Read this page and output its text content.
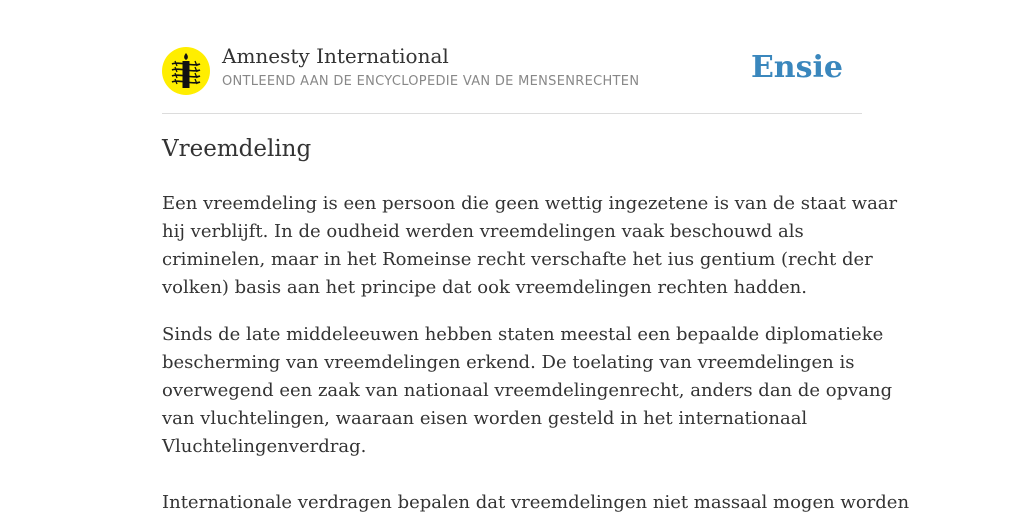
Amnesty International
ONTLEEND AAN DE ENCYCLOPEDIE VAN DE MENSENRECHTEN	Ensie
Vreemdeling

Een vreemdeling is een persoon die geen wettig ingezetene is van de staat waar
hij verblijft. In de oudheid werden vreemdelingen vaak beschouwd als
criminelen, maar in het Romeinse recht verschafte het ius gentium (recht der
volken) basis aan het principe dat ook vreemdelingen rechten hadden.

Sinds de late middeleeuwen hebben staten meestal een bepaalde diplomatieke
bescherming van vreemdelingen erkend. De toelating van vreemdelingen is
overwegend een zaak van nationaal vreemdelingenrecht, anders dan de opvang
van vluchtelingen, waaraan eisen worden gesteld in het internationaal
Vluchtelingenverdrag.

Internationale verdragen bepalen dat vreemdelingen niet massaal mogen worden
